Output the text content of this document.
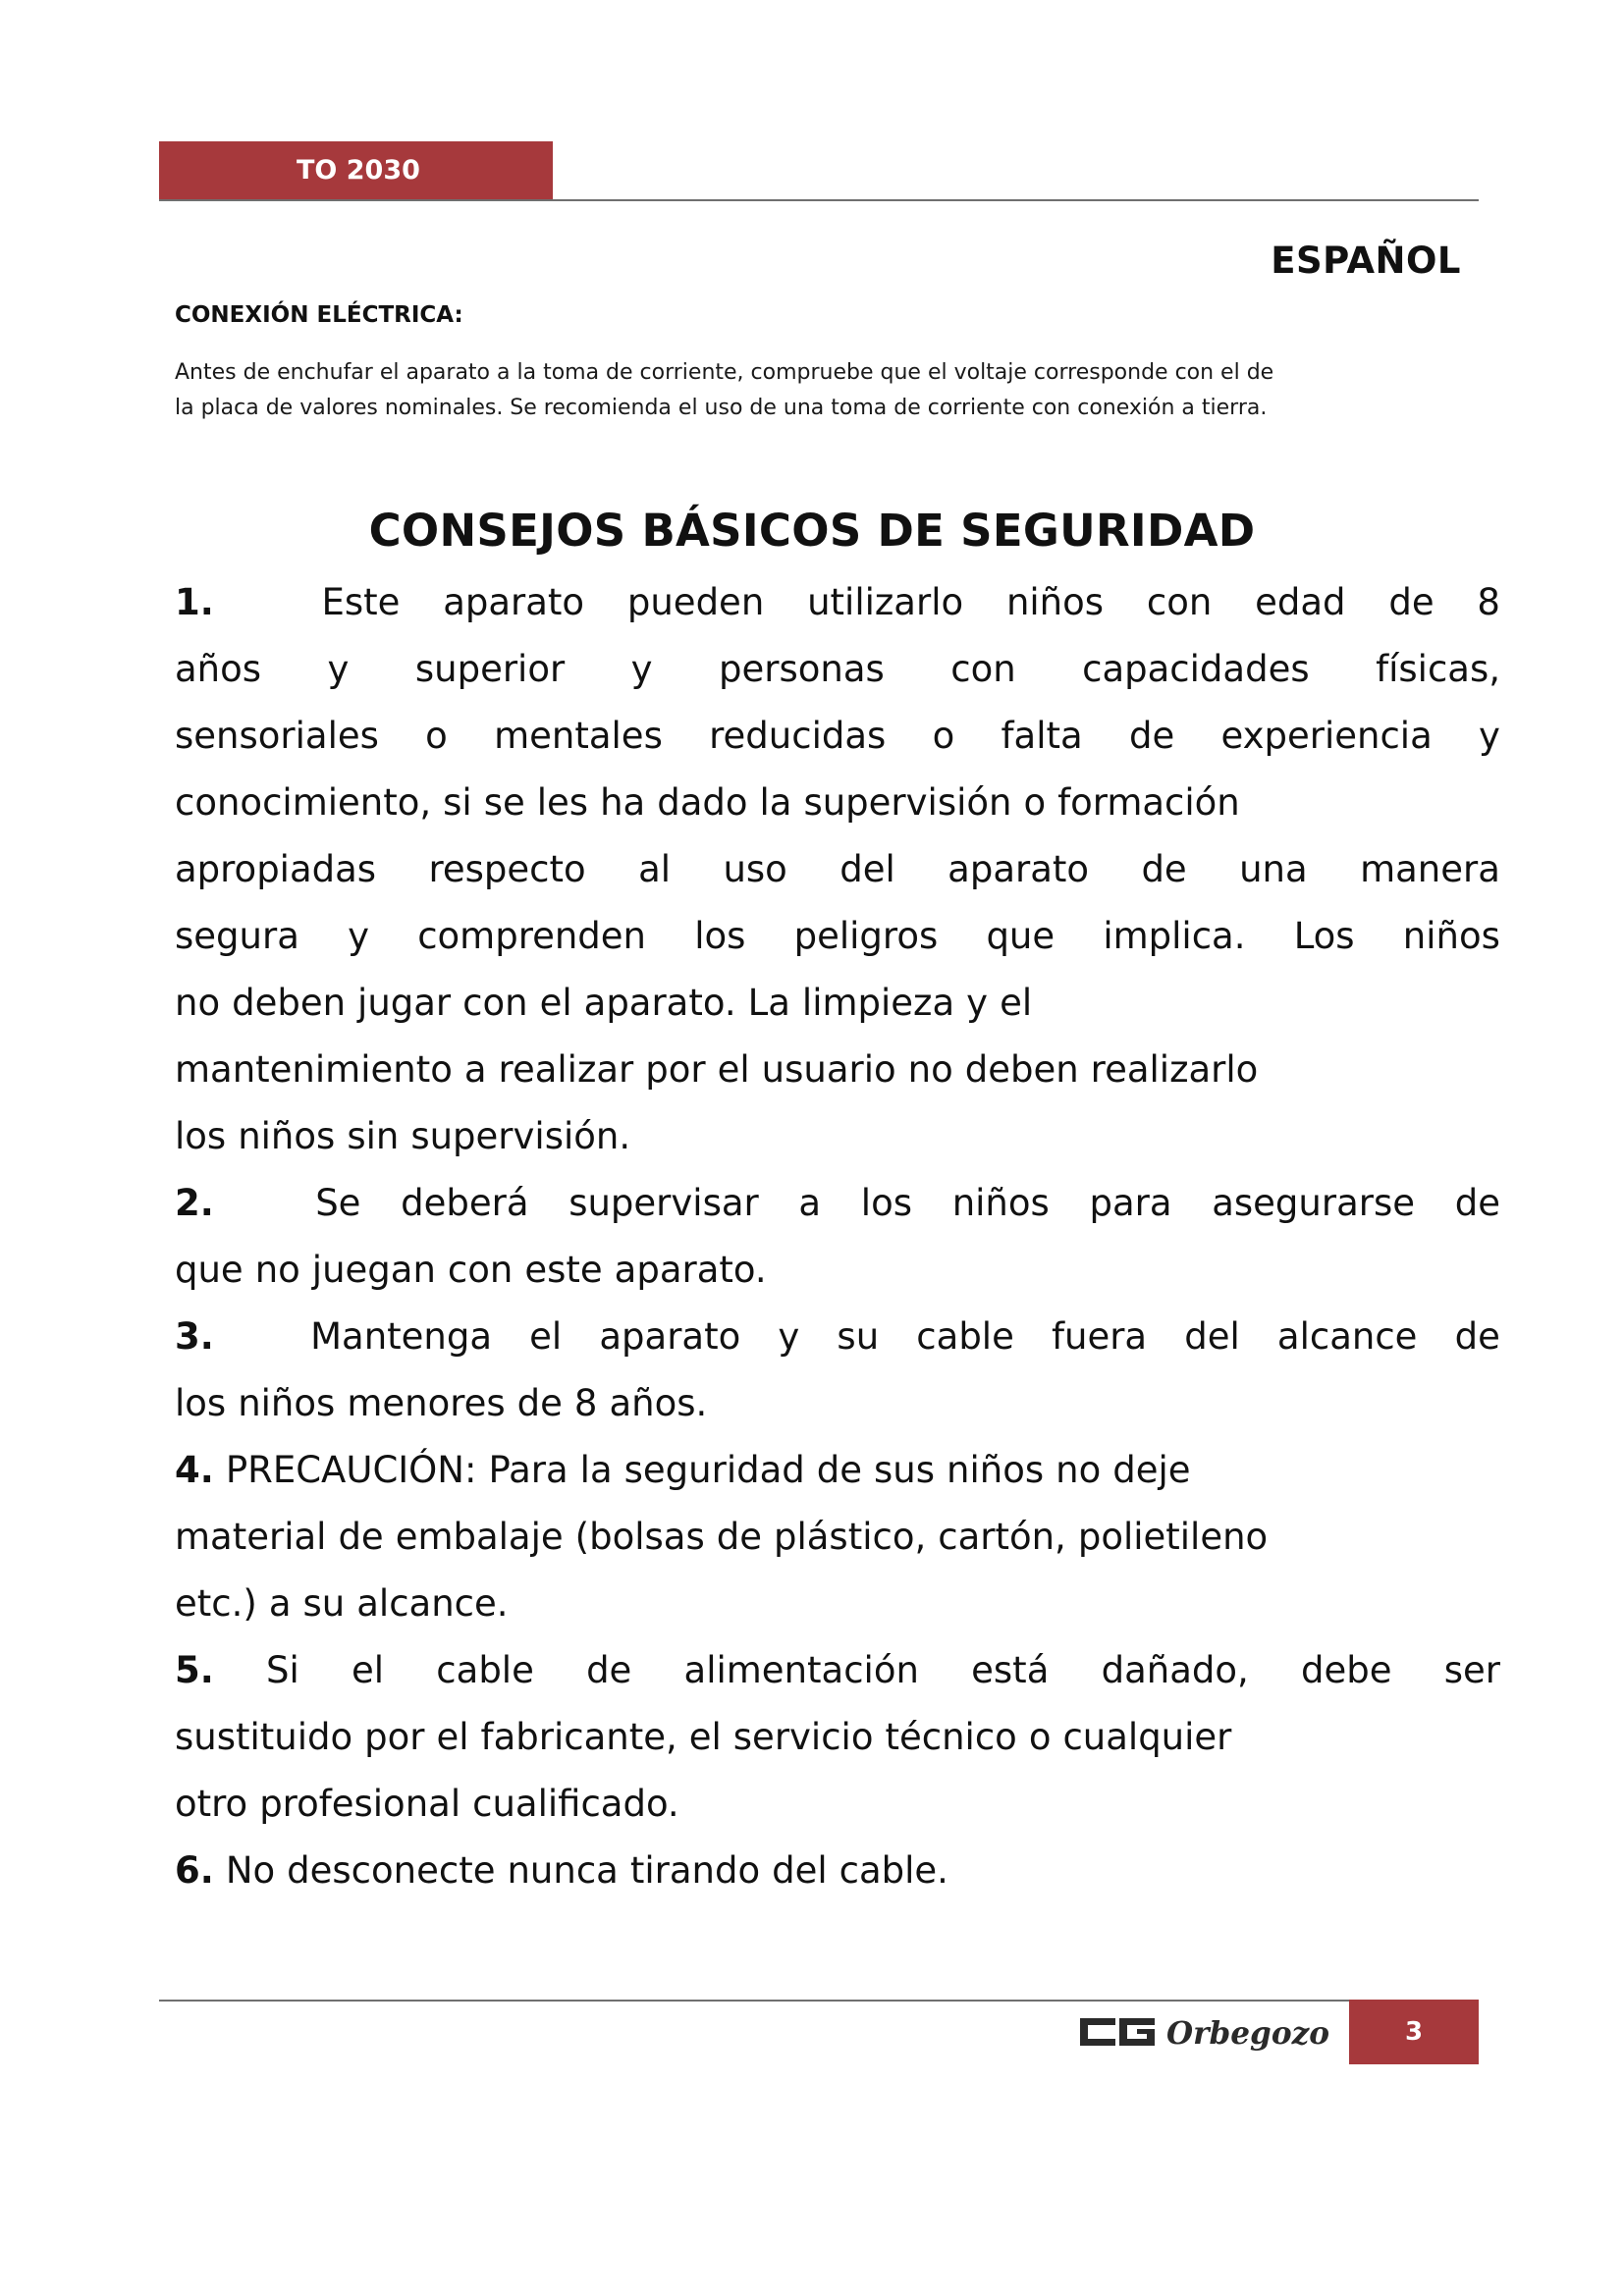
TO 2030
ESPAÑOL
CONEXIÓN ELÉCTRICA:

Antes de enchufar el aparato a la toma de corriente, compruebe que el voltaje corresponde con el de

la placa de valores nominales. Se recomienda el uso de una toma de corriente con conexión a tierra.

CONSEJOS BÁSICOS DE SEGURIDAD
1.	Este aparato pueden utilizarlo niños con edad de 8
años y superior y personas con capacidades físicas,
sensoriales o mentales reducidas o falta de experiencia y
conocimiento, si se les ha dado la supervisión o formación
apropiadas respecto al uso del aparato de una manera
segura y comprenden los peligros que implica. Los niños
no deben jugar con el aparato. La limpieza y el
mantenimiento a realizar por el usuario no deben realizarlo
los niños sin supervisión.
2.	Se deberá supervisar a los niños para asegurarse de
que no juegan con este aparato.
3.	Mantenga el aparato y su cable fuera del alcance de
los niños menores de 8 años.
4. PRECAUCIÓN: Para la seguridad de sus niños no deje
material de embalaje (bolsas de plástico, cartón, polietileno
etc.) a su alcance.
5. Si el cable de alimentación está dañado, debe ser
sustituido por el fabricante, el servicio técnico o cualquier
otro profesional cualificado.
6. No desconecte nunca tirando del cable.
Orbegozo	3
